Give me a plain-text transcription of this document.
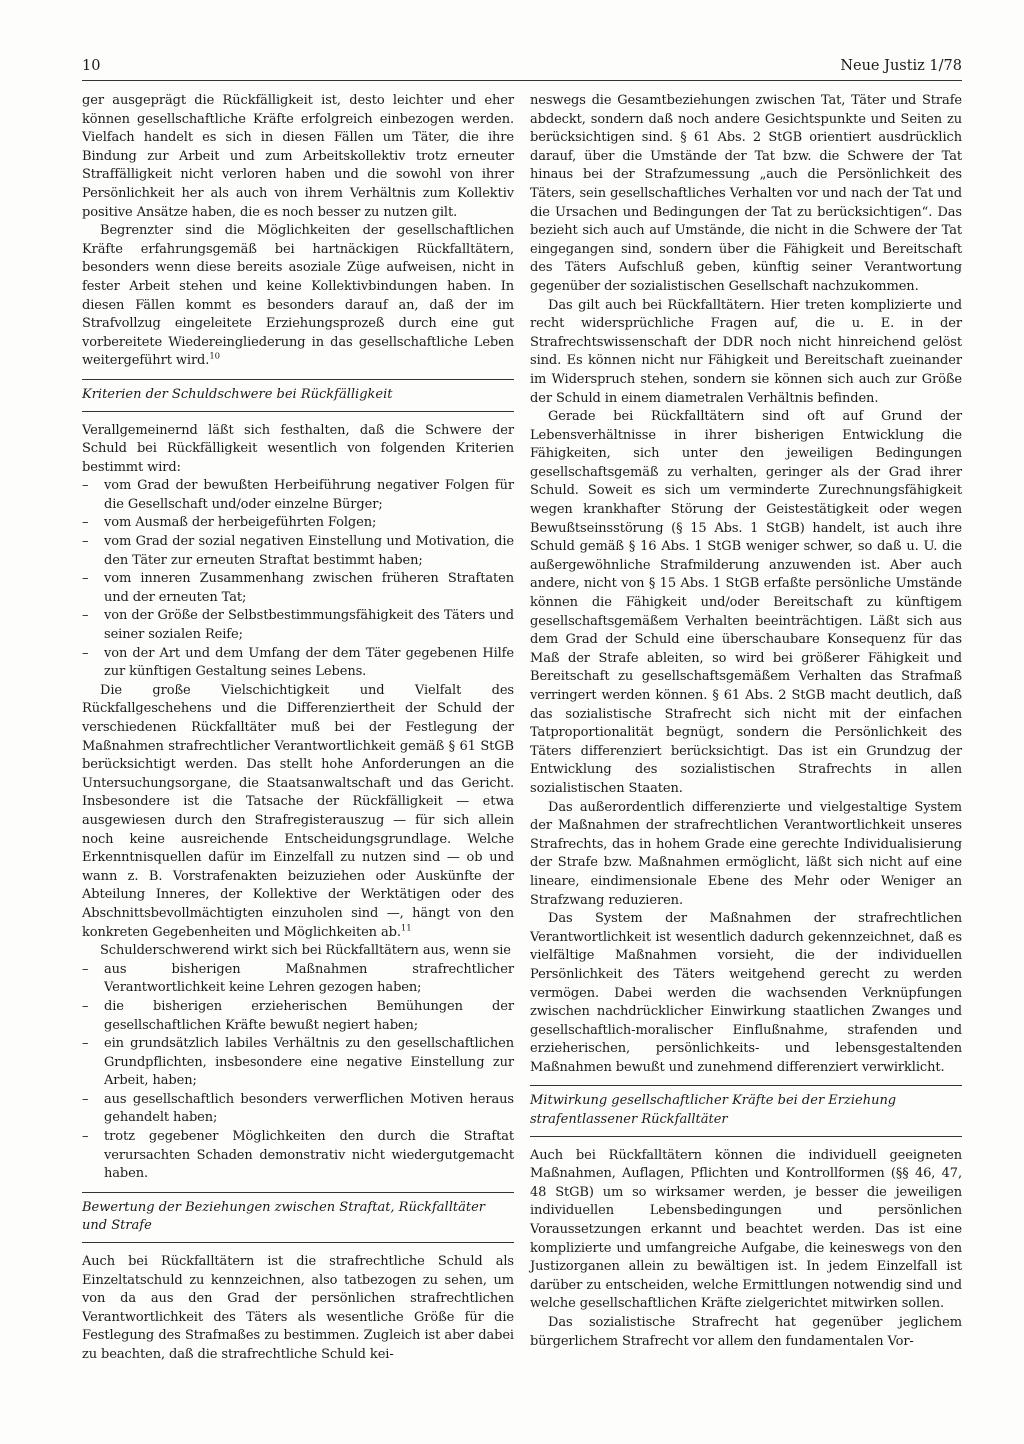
10	Neue Justiz 1/78

ger ausgeprägt die Rückfälligkeit ist, desto leichter und eher können gesellschaftliche Kräfte erfolgreich einbezogen werden. Vielfach handelt es sich in diesen Fällen um Täter, die ihre Bindung zur Arbeit und zum Arbeitskollektiv trotz erneuter Straffälligkeit nicht verloren haben und die sowohl von ihrer Persönlichkeit her als auch von ihrem Verhältnis zum Kollektiv positive Ansätze haben, die es noch besser zu nutzen gilt.

Begrenzter sind die Möglichkeiten der gesellschaftlichen Kräfte erfahrungsgemäß bei hartnäckigen Rückfalltätern, besonders wenn diese bereits asoziale Züge aufweisen, nicht in fester Arbeit stehen und keine Kollektivbindungen haben. In diesen Fällen kommt es besonders darauf an, daß der im Strafvollzug eingeleitete Erziehungsprozeß durch eine gut vorbereitete Wiedereingliederung in das gesellschaftliche Leben weitergeführt wird.$^{10}$

Kriterien der Schuldschwere bei Rückfälligkeit

Verallgemeinernd läßt sich festhalten, daß die Schwere der Schuld bei Rückfälligkeit wesentlich von folgenden Kriterien bestimmt wird:

– vom Grad der bewußten Herbeiführung negativer Folgen für die Gesellschaft und/oder einzelne Bürger;
– vom Ausmaß der herbeigeführten Folgen;
– vom Grad der sozial negativen Einstellung und Motivation, die den Täter zur erneuten Straftat bestimmt haben;
– vom inneren Zusammenhang zwischen früheren Straftaten und der erneuten Tat;
– von der Größe der Selbstbestimmungsfähigkeit des Täters und seiner sozialen Reife;
– von der Art und dem Umfang der dem Täter gegebenen Hilfe zur künftigen Gestaltung seines Lebens.

Die große Vielschichtigkeit und Vielfalt des Rückfallgeschehens und die Differenziertheit der Schuld der verschiedenen Rückfalltäter muß bei der Festlegung der Maßnahmen strafrechtlicher Verantwortlichkeit gemäß § 61 StGB berücksichtigt werden. Das stellt hohe Anforderungen an die Untersuchungsorgane, die Staatsanwaltschaft und das Gericht. Insbesondere ist die Tatsache der Rückfälligkeit — etwa ausgewiesen durch den Strafregisterauszug — für sich allein noch keine ausreichende Entscheidungsgrundlage. Welche Erkenntnisquellen dafür im Einzelfall zu nutzen sind — ob und wann z. B. Vorstrafenakten beizuziehen oder Auskünfte der Abteilung Inneres, der Kollektive der Werktätigen oder des Abschnittsbevollmächtigten einzuholen sind —, hängt von den konkreten Gegebenheiten und Möglichkeiten ab.$^{11}$

Schulderschwerend wirkt sich bei Rückfalltätern aus, wenn sie

– aus bisherigen Maßnahmen strafrechtlicher Verantwortlichkeit keine Lehren gezogen haben;
– die bisherigen erzieherischen Bemühungen der gesellschaftlichen Kräfte bewußt negiert haben;
– ein grundsätzlich labiles Verhältnis zu den gesellschaftlichen Grundpflichten, insbesondere eine negative Einstellung zur Arbeit, haben;
– aus gesellschaftlich besonders verwerflichen Motiven heraus gehandelt haben;
– trotz gegebener Möglichkeiten den durch die Straftat verursachten Schaden demonstrativ nicht wiedergutgemacht haben.
Bewertung der Beziehungen zwischen Straftat, Rückfalltäter und Strafe

Auch bei Rückfalltätern ist die strafrechtliche Schuld als Einzeltatschuld zu kennzeichnen, also tatbezogen zu sehen, um von da aus den Grad der persönlichen strafrechtlichen Verantwortlichkeit des Täters als wesentliche Größe für die Festlegung des Strafmaßes zu bestimmen. Zugleich ist aber dabei zu beachten, daß die strafrechtliche Schuld kei-

neswegs die Gesamtbeziehungen zwischen Tat, Täter und Strafe abdeckt, sondern daß noch andere Gesichtspunkte und Seiten zu berücksichtigen sind. § 61 Abs. 2 StGB orientiert ausdrücklich darauf, über die Umstände der Tat bzw. die Schwere der Tat hinaus bei der Strafzumessung „auch die Persönlichkeit des Täters, sein gesellschaftliches Verhalten vor und nach der Tat und die Ursachen und Bedingungen der Tat zu berücksichtigen“. Das bezieht sich auch auf Umstände, die nicht in die Schwere der Tat eingegangen sind, sondern über die Fähigkeit und Bereitschaft des Täters Aufschluß geben, künftig seiner Verantwortung gegenüber der sozialistischen Gesellschaft nachzukommen.

Das gilt auch bei Rückfalltätern. Hier treten komplizierte und recht widersprüchliche Fragen auf, die u. E. in der Strafrechtswissenschaft der DDR noch nicht hinreichend gelöst sind. Es können nicht nur Fähigkeit und Bereitschaft zueinander im Widerspruch stehen, sondern sie können sich auch zur Größe der Schuld in einem diametralen Verhältnis befinden.

Gerade bei Rückfalltätern sind oft auf Grund der Lebensverhältnisse in ihrer bisherigen Entwicklung die Fähigkeiten, sich unter den jeweiligen Bedingungen gesellschaftsgemäß zu verhalten, geringer als der Grad ihrer Schuld. Soweit es sich um verminderte Zurechnungsfähigkeit wegen krankhafter Störung der Geistestätigkeit oder wegen Bewußtseinsstörung (§ 15 Abs. 1 StGB) handelt, ist auch ihre Schuld gemäß § 16 Abs. 1 StGB weniger schwer, so daß u. U. die außergewöhnliche Strafmilderung anzuwenden ist. Aber auch andere, nicht von § 15 Abs. 1 StGB erfaßte persönliche Umstände können die Fähigkeit und/oder Bereitschaft zu künftigem gesellschaftsgemäßem Verhalten beeinträchtigen. Läßt sich aus dem Grad der Schuld eine überschaubare Konsequenz für das Maß der Strafe ableiten, so wird bei größerer Fähigkeit und Bereitschaft zu gesellschaftsgemäßem Verhalten das Strafmaß verringert werden können. § 61 Abs. 2 StGB macht deutlich, daß das sozialistische Strafrecht sich nicht mit der einfachen Tatproportionalität begnügt, sondern die Persönlichkeit des Täters differenziert berücksichtigt. Das ist ein Grundzug der Entwicklung des sozialistischen Strafrechts in allen sozialistischen Staaten.

Das außerordentlich differenzierte und vielgestaltige System der Maßnahmen der strafrechtlichen Verantwortlichkeit unseres Strafrechts, das in hohem Grade eine gerechte Individualisierung der Strafe bzw. Maßnahmen ermöglicht, läßt sich nicht auf eine lineare, eindimensionale Ebene des Mehr oder Weniger an Strafzwang reduzieren.

Das System der Maßnahmen der strafrechtlichen Verantwortlichkeit ist wesentlich dadurch gekennzeichnet, daß es vielfältige Maßnahmen vorsieht, die der individuellen Persönlichkeit des Täters weitgehend gerecht zu werden vermögen. Dabei werden die wachsenden Verknüpfungen zwischen nachdrücklicher Einwirkung staatlichen Zwanges und gesellschaftlich-moralischer Einflußnahme, strafenden und erzieherischen, persönlichkeits- und lebensgestaltenden Maßnahmen bewußt und zunehmend differenziert verwirklicht.

Mitwirkung gesellschaftlicher Kräfte bei der Erziehung strafentlassener Rückfalltäter

Auch bei Rückfalltätern können die individuell geeigneten Maßnahmen, Auflagen, Pflichten und Kontrollformen (§§ 46, 47, 48 StGB) um so wirksamer werden, je besser die jeweiligen individuellen Lebensbedingungen und persönlichen Voraussetzungen erkannt und beachtet werden. Das ist eine komplizierte und umfangreiche Aufgabe, die keineswegs von den Justizorganen allein zu bewältigen ist. In jedem Einzelfall ist darüber zu entscheiden, welche Ermittlungen notwendig sind und welche gesellschaftlichen Kräfte zielgerichtet mitwirken sollen.

Das sozialistische Strafrecht hat gegenüber jeglichem bürgerlichem Strafrecht vor allem den fundamentalen Vor-
